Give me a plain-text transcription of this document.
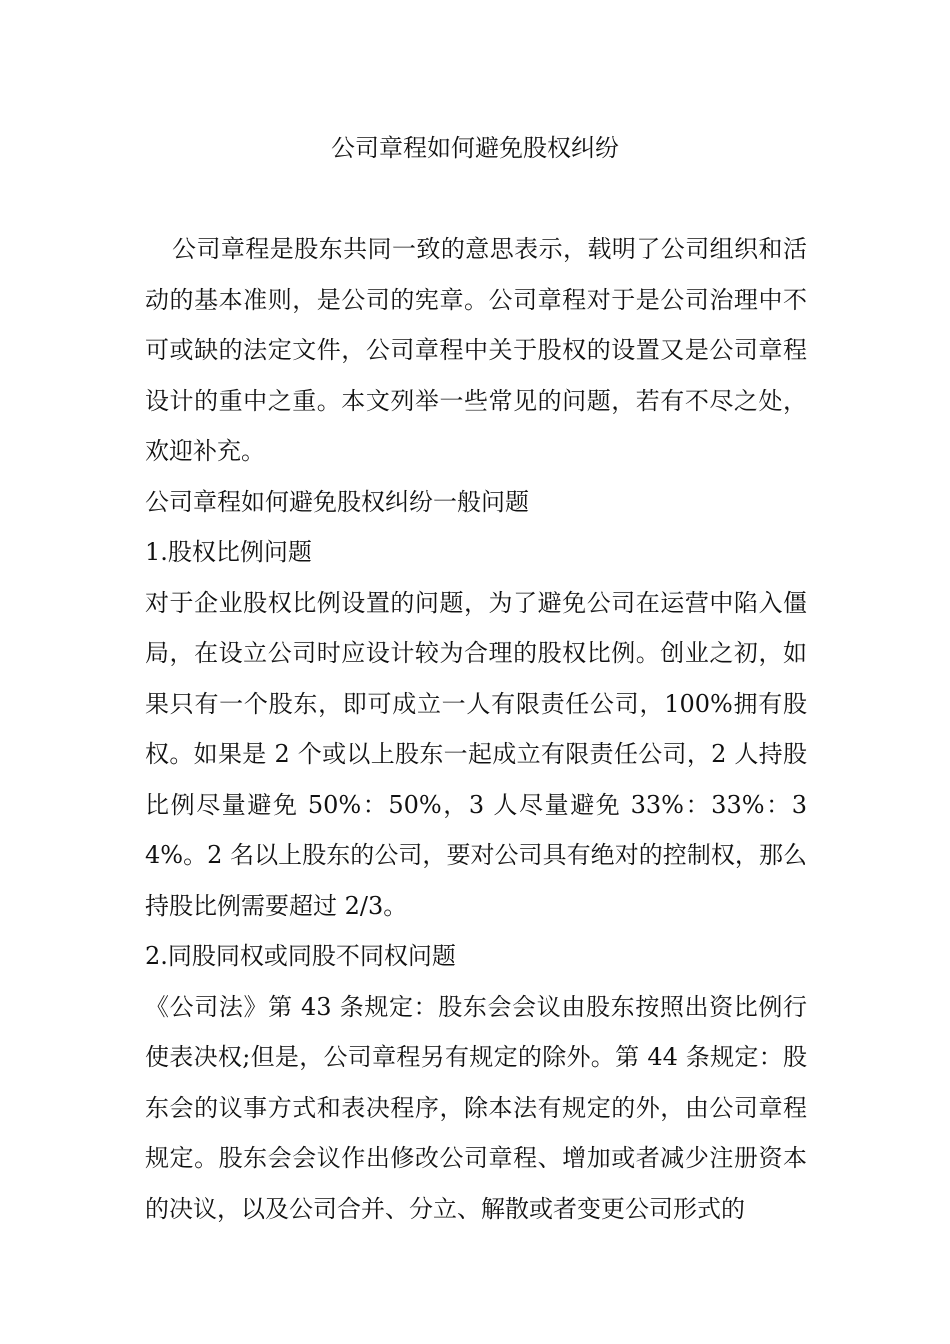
公司章程如何避免股权纠纷

公司章程是股东共同一致的意思表示，载明了公司组织和活动的基本准则，是公司的宪章。公司章程对于是公司治理中不可或缺的法定文件，公司章程中关于股权的设置又是公司章程设计的重中之重。本文列举一些常见的问题，若有不尽之处，欢迎补充。

公司章程如何避免股权纠纷一般问题

1.股权比例问题

对于企业股权比例设置的问题，为了避免公司在运营中陷入僵局，在设立公司时应设计较为合理的股权比例。创业之初，如果只有一个股东，即可成立一人有限责任公司，100%拥有股权。如果是 2 个或以上股东一起成立有限责任公司，2 人持股比例尽量避免 50%：50%，3 人尽量避免 33%：33%：34%。2 名以上股东的公司，要对公司具有绝对的控制权，那么持股比例需要超过 2/3。

2.同股同权或同股不同权问题

《公司法》第 43 条规定：股东会会议由股东按照出资比例行使表决权;但是，公司章程另有规定的除外。第 44 条规定：股东会的议事方式和表决程序，除本法有规定的外，由公司章程规定。股东会会议作出修改公司章程、增加或者减少注册资本的决议，以及公司合并、分立、解散或者变更公司形式的
